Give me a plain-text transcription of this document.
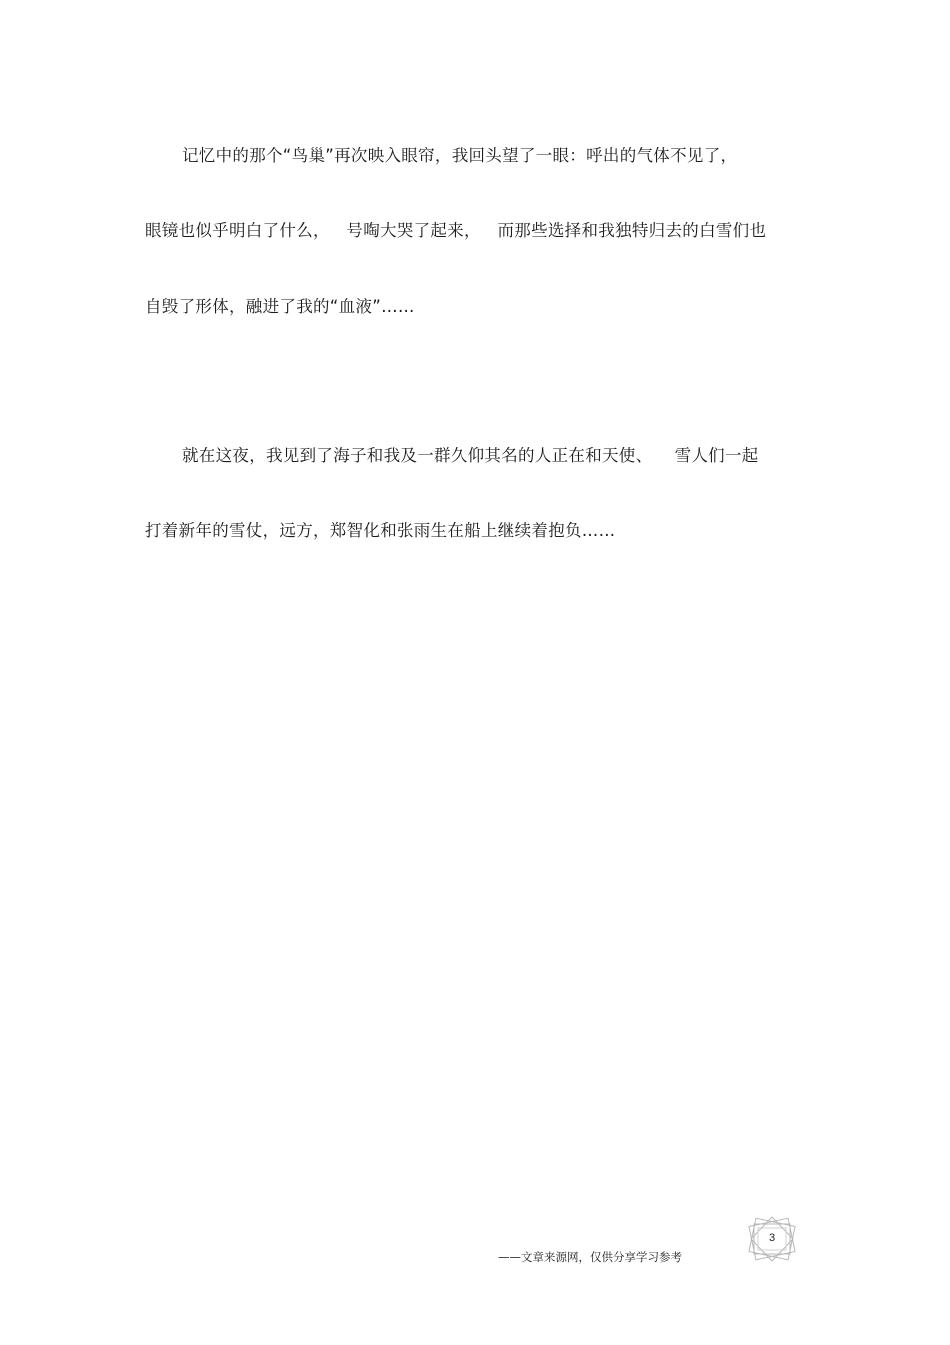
记忆中的那个“鸟巢”再次映入眼帘，我回头望了一眼：呼出的气体不见了，
眼镜也似乎明白了什么，   号啕大哭了起来，   而那些选择和我独特归去的白雪们也
自毁了形体，融进了我的“血液”……
就在这夜，我见到了海子和我及一群久仰其名的人正在和天使、    雪人们一起
打着新年的雪仗，远方，郑智化和张雨生在船上继续着抱负……
——文章来源网，仅供分享学习参考
3
